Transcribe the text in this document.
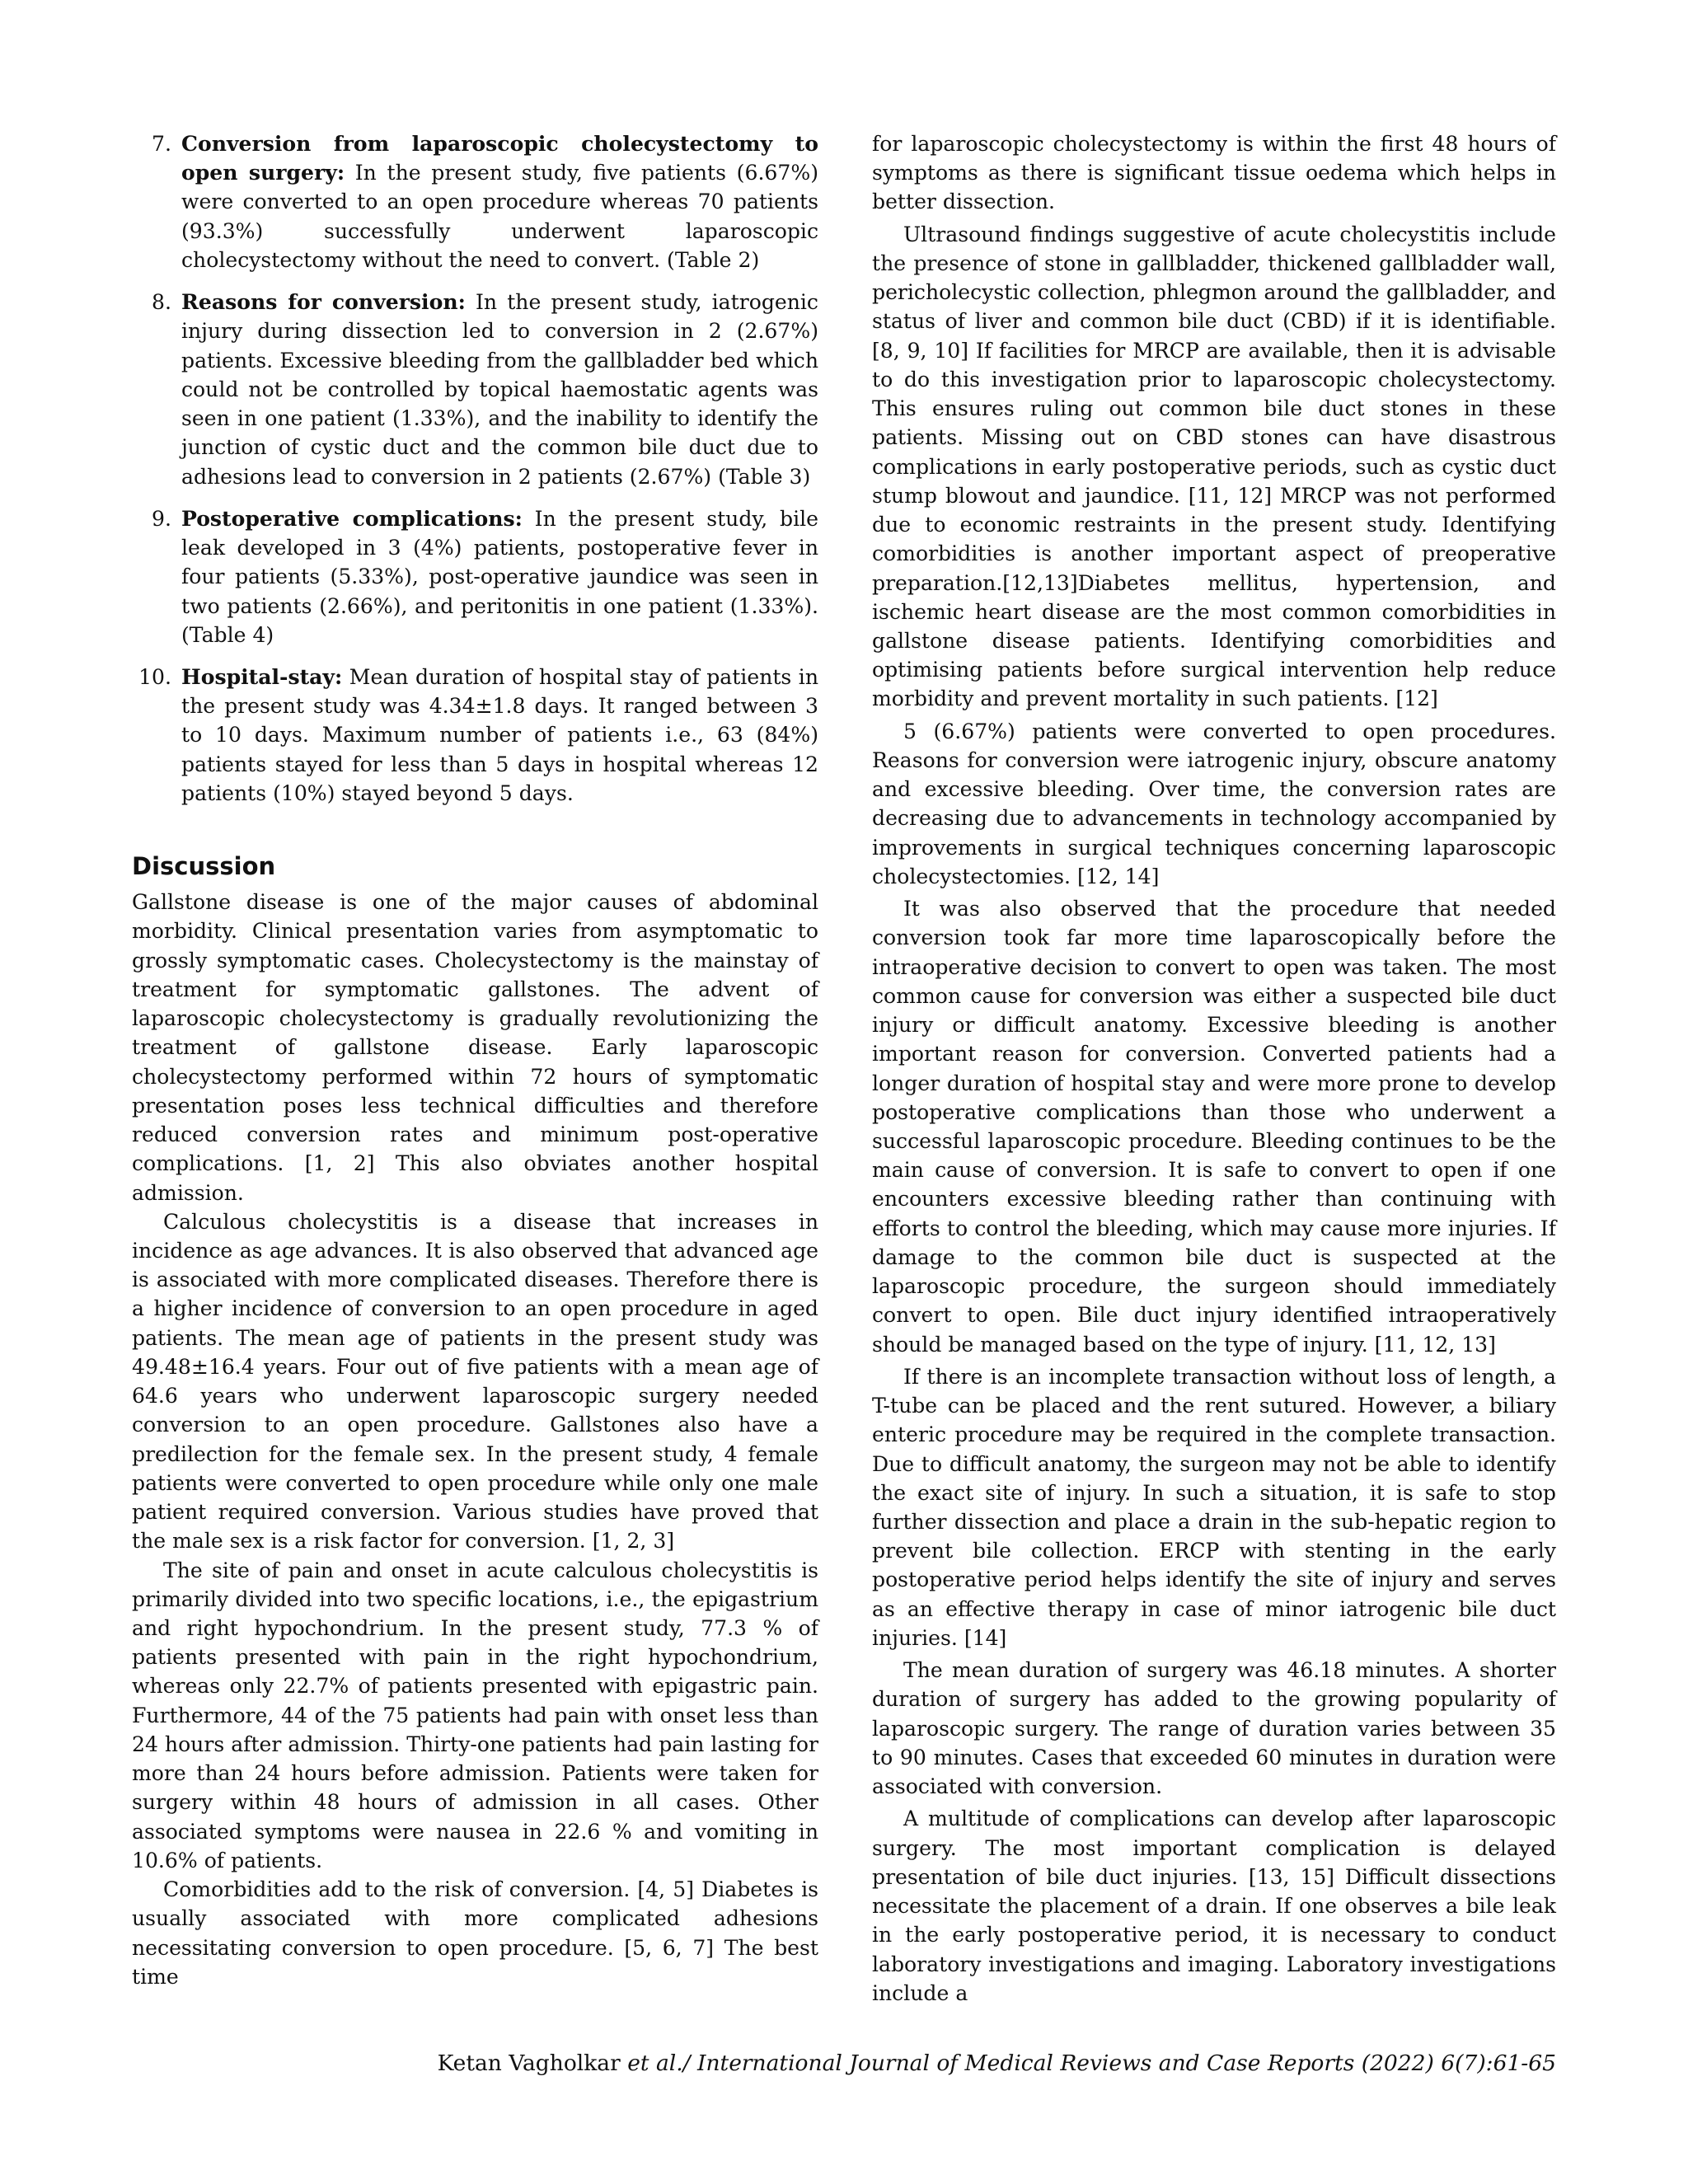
7. Conversion from laparoscopic cholecystectomy to open surgery: In the present study, five patients (6.67%) were converted to an open procedure whereas 70 patients (93.3%) successfully underwent laparoscopic cholecystectomy without the need to convert. (Table 2)
8. Reasons for conversion: In the present study, iatrogenic injury during dissection led to conversion in 2 (2.67%) patients. Excessive bleeding from the gallbladder bed which could not be controlled by topical haemostatic agents was seen in one patient (1.33%), and the inability to identify the junction of cystic duct and the common bile duct due to adhesions lead to conversion in 2 patients (2.67%) (Table 3)
9. Postoperative complications: In the present study, bile leak developed in 3 (4%) patients, postoperative fever in four patients (5.33%), post-operative jaundice was seen in two patients (2.66%), and peritonitis in one patient (1.33%). (Table 4)
10. Hospital-stay: Mean duration of hospital stay of patients in the present study was 4.34±1.8 days. It ranged between 3 to 10 days. Maximum number of patients i.e., 63 (84%) patients stayed for less than 5 days in hospital whereas 12 patients (10%) stayed beyond 5 days.
Discussion

Gallstone disease is one of the major causes of abdominal morbidity. Clinical presentation varies from asymptomatic to grossly symptomatic cases. Cholecystectomy is the mainstay of treatment for symptomatic gallstones. The advent of laparoscopic cholecystectomy is gradually revolutionizing the treatment of gallstone disease. Early laparoscopic cholecystectomy performed within 72 hours of symptomatic presentation poses less technical difficulties and therefore reduced conversion rates and minimum post-operative complications. [1, 2] This also obviates another hospital admission.

Calculous cholecystitis is a disease that increases in incidence as age advances. It is also observed that advanced age is associated with more complicated diseases. Therefore there is a higher incidence of conversion to an open procedure in aged patients. The mean age of patients in the present study was 49.48±16.4 years. Four out of five patients with a mean age of 64.6 years who underwent laparoscopic surgery needed conversion to an open procedure. Gallstones also have a predilection for the female sex. In the present study, 4 female patients were converted to open procedure while only one male patient required conversion. Various studies have proved that the male sex is a risk factor for conversion. [1, 2, 3]

The site of pain and onset in acute calculous cholecystitis is primarily divided into two specific locations, i.e., the epigastrium and right hypochondrium. In the present study, 77.3 % of patients presented with pain in the right hypochondrium, whereas only 22.7% of patients presented with epigastric pain. Furthermore, 44 of the 75 patients had pain with onset less than 24 hours after admission. Thirty-one patients had pain lasting for more than 24 hours before admission. Patients were taken for surgery within 48 hours of admission in all cases. Other associated symptoms were nausea in 22.6 % and vomiting in 10.6% of patients.

Comorbidities add to the risk of conversion. [4, 5] Diabetes is usually associated with more complicated adhesions necessitating conversion to open procedure. [5, 6, 7] The best time

for laparoscopic cholecystectomy is within the first 48 hours of symptoms as there is significant tissue oedema which helps in better dissection.

Ultrasound findings suggestive of acute cholecystitis include the presence of stone in gallbladder, thickened gallbladder wall, pericholecystic collection, phlegmon around the gallbladder, and status of liver and common bile duct (CBD) if it is identifiable. [8, 9, 10] If facilities for MRCP are available, then it is advisable to do this investigation prior to laparoscopic cholecystectomy. This ensures ruling out common bile duct stones in these patients. Missing out on CBD stones can have disastrous complications in early postoperative periods, such as cystic duct stump blowout and jaundice. [11, 12] MRCP was not performed due to economic restraints in the present study. Identifying comorbidities is another important aspect of preoperative preparation.[12,13]Diabetes mellitus, hypertension, and ischemic heart disease are the most common comorbidities in gallstone disease patients. Identifying comorbidities and optimising patients before surgical intervention help reduce morbidity and prevent mortality in such patients. [12]

5 (6.67%) patients were converted to open procedures. Reasons for conversion were iatrogenic injury, obscure anatomy and excessive bleeding. Over time, the conversion rates are decreasing due to advancements in technology accompanied by improvements in surgical techniques concerning laparoscopic cholecystectomies. [12, 14]

It was also observed that the procedure that needed conversion took far more time laparoscopically before the intraoperative decision to convert to open was taken. The most common cause for conversion was either a suspected bile duct injury or difficult anatomy. Excessive bleeding is another important reason for conversion. Converted patients had a longer duration of hospital stay and were more prone to develop postoperative complications than those who underwent a successful laparoscopic procedure. Bleeding continues to be the main cause of conversion. It is safe to convert to open if one encounters excessive bleeding rather than continuing with efforts to control the bleeding, which may cause more injuries. If damage to the common bile duct is suspected at the laparoscopic procedure, the surgeon should immediately convert to open. Bile duct injury identified intraoperatively should be managed based on the type of injury. [11, 12, 13]

If there is an incomplete transaction without loss of length, a T-tube can be placed and the rent sutured. However, a biliary enteric procedure may be required in the complete transaction. Due to difficult anatomy, the surgeon may not be able to identify the exact site of injury. In such a situation, it is safe to stop further dissection and place a drain in the sub-hepatic region to prevent bile collection. ERCP with stenting in the early postoperative period helps identify the site of injury and serves as an effective therapy in case of minor iatrogenic bile duct injuries. [14]

The mean duration of surgery was 46.18 minutes. A shorter duration of surgery has added to the growing popularity of laparoscopic surgery. The range of duration varies between 35 to 90 minutes. Cases that exceeded 60 minutes in duration were associated with conversion.

A multitude of complications can develop after laparoscopic surgery. The most important complication is delayed presentation of bile duct injuries. [13, 15] Difficult dissections necessitate the placement of a drain. If one observes a bile leak in the early postoperative period, it is necessary to conduct laboratory investigations and imaging. Laboratory investigations include a

Ketan Vagholkar et al./ International Journal of Medical Reviews and Case Reports (2022) 6(7):61-65
